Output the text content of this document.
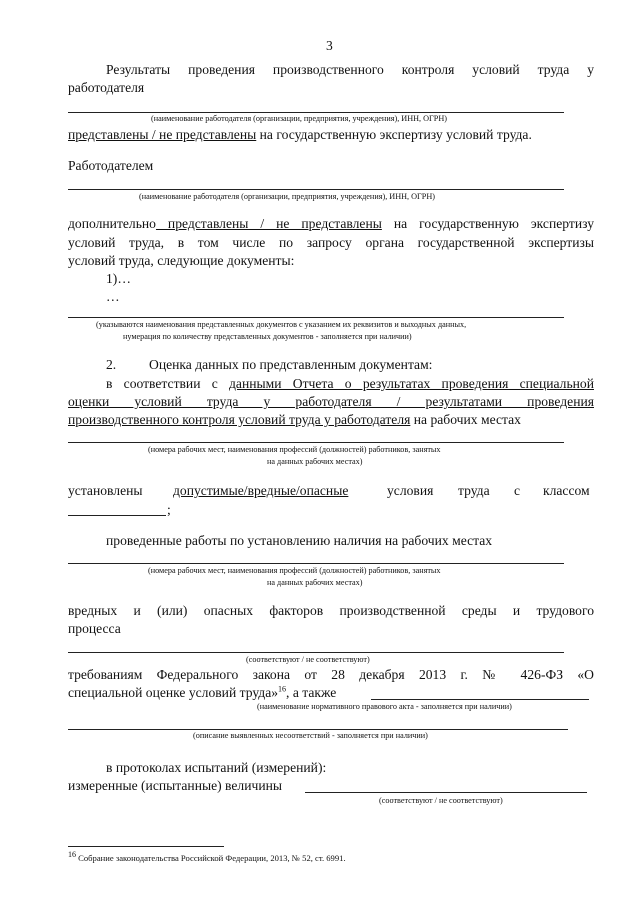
3
Результаты проведения производственного контроля условий труда у
работодателя
(наименование работодателя (организации, предприятия, учреждения), ИНН, ОГРН)
представлены / не представлены на государственную экспертизу условий труда.
Работодателем
(наименование работодателя (организации, предприятия, учреждения), ИНН, ОГРН)
дополнительно представлены / не представлены на государственную экспертизу
условий труда, в том числе по запросу органа государственной экспертизы
условий труда, следующие документы:
1)…
…
(указываются наименования представленных документов с указанием их реквизитов и выходных данных,
нумерация по количеству представленных документов - заполняется при наличии)
2. Оценка данных по представленным документам:
в соответствии с данными Отчета о результатах проведения специальной
оценки условий труда у работодателя / результатами проведения
производственного контроля условий труда у работодателя на рабочих местах
(номера рабочих мест, наименования профессий (должностей) работников, занятых
на данных рабочих местах)
установлены допустимые/вредные/опасные	условия труда с классом
;
проведенные работы по установлению наличия на рабочих местах
(номера рабочих мест, наименования профессий (должностей) работников, занятых
на данных рабочих местах)
вредных и (или) опасных факторов производственной среды и трудового
процесса
(соответствуют / не соответствуют)
требованиям Федерального закона от 28 декабря 2013 г. № 426-ФЗ «О
специальной оценке условий труда»$^{16}$, а также
(наименование нормативного правового акта - заполняется при наличии)
(описание выявленных несоответствий - заполняется при наличии)
в протоколах испытаний (измерений):
измеренные (испытанные) величины
(соответствуют / не соответствуют)
$^{16}$ Собрание законодательства Российской Федерации, 2013, № 52, ст. 6991.
